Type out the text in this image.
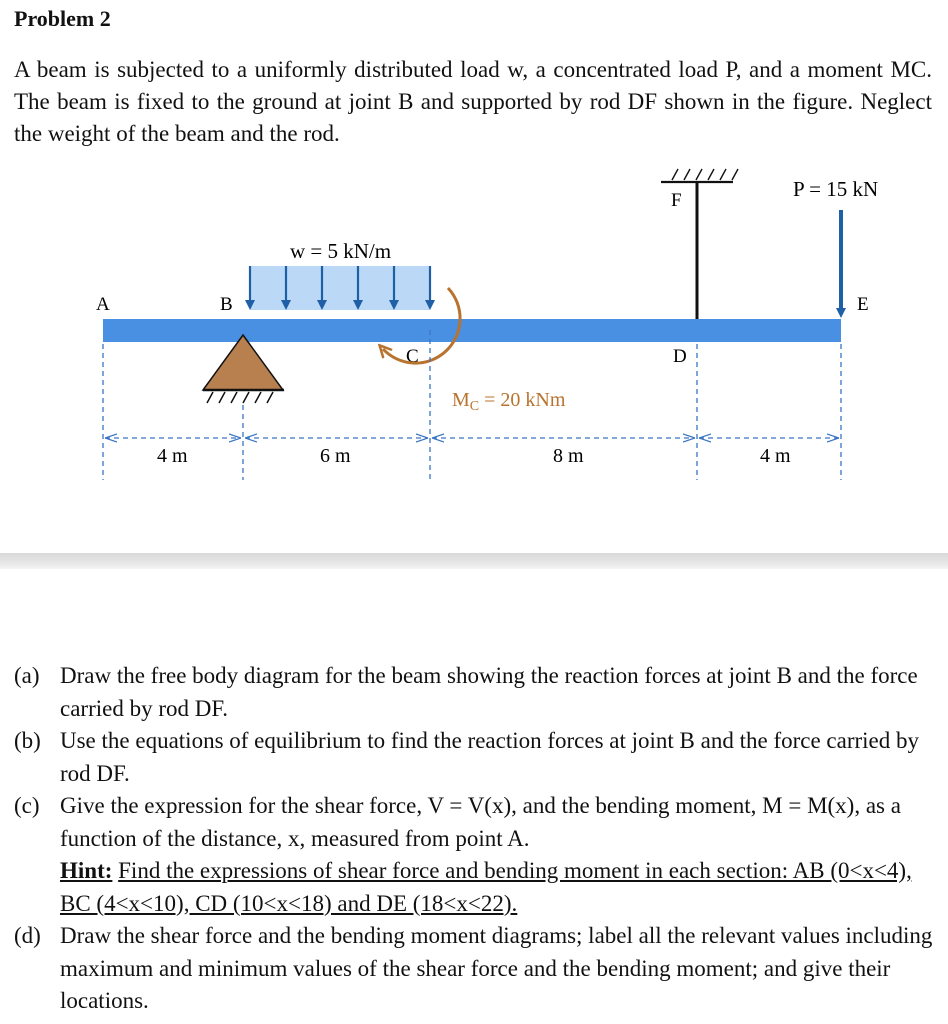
Problem 2
A beam is subjected to a uniformly distributed load w, a concentrated load P, and a moment MC. The beam is fixed to the ground at joint B and supported by rod DF shown in the figure. Neglect the weight of the beam and the rod.
w = 5 kN/m
A	B
C	D
E
F	P = 15 kN
$M_C = 20$ kNm
4 m	6 m	8 m	4 m
(a) Draw the free body diagram for the beam showing the reaction forces at joint B and the force carried by rod DF.
(b) Use the equations of equilibrium to find the reaction forces at joint B and the force carried by rod DF.
(c) Give the expression for the shear force, V = V(x), and the bending moment, M = M(x), as a function of the distance, x, measured from point A.
Hint: Find the expressions of shear force and bending moment in each section: AB (0<x<4), BC (4<x<10), CD (10<x<18) and DE (18<x<22).
(d) Draw the shear force and the bending moment diagrams; label all the relevant values including maximum and minimum values of the shear force and the bending moment; and give their locations.
